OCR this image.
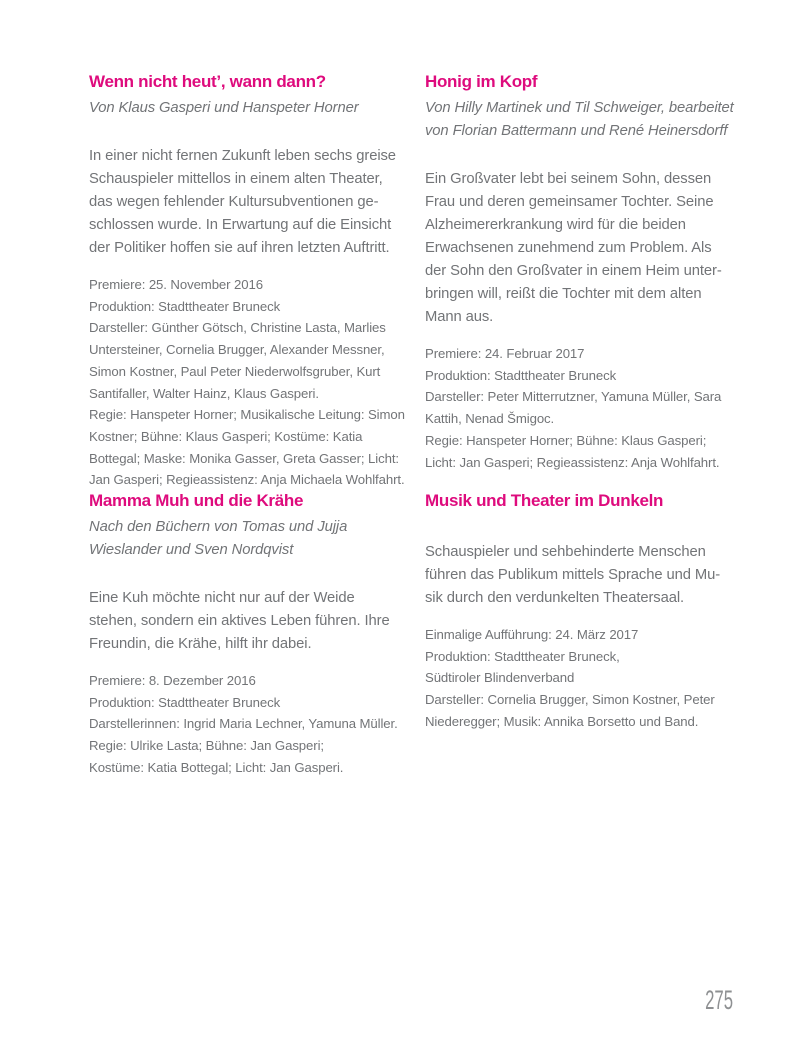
Wenn nicht heut’, wann dann?
Von Klaus Gasperi und Hanspeter Horner
In einer nicht fernen Zukunft leben sechs greise
Schauspieler mittellos in einem alten Theater,
das wegen fehlender Kultursubventionen ge-
schlossen wurde. In Erwartung auf die Einsicht
der Politiker hoffen sie auf ihren letzten Auftritt.
Premiere: 25. November 2016
Produktion: Stadttheater Bruneck
Darsteller: Günther Götsch, Christine Lasta, Marlies
Untersteiner, Cornelia Brugger, Alexander Messner,
Simon Kostner, Paul Peter Niederwolfsgruber, Kurt
Santifaller, Walter Hainz, Klaus Gasperi.
Regie: Hanspeter Horner; Musikalische Leitung: Simon
Kostner; Bühne: Klaus Gasperi; Kostüme: Katia
Bottegal; Maske: Monika Gasser, Greta Gasser; Licht:
Jan Gasperi; Regieassistenz: Anja Michaela Wohlfahrt.
Honig im Kopf
Von Hilly Martinek und Til Schweiger, bearbeitet
von Florian Battermann und René Heinersdorff
Ein Großvater lebt bei seinem Sohn, dessen
Frau und deren gemeinsamer Tochter. Seine
Alzheimererkrankung wird für die beiden
Erwachsenen zunehmend zum Problem. Als
der Sohn den Großvater in einem Heim unter-
bringen will, reißt die Tochter mit dem alten
Mann aus.
Premiere: 24. Februar 2017
Produktion: Stadttheater Bruneck
Darsteller: Peter Mitterrutzner, Yamuna Müller, Sara
Kattih, Nenad Šmigoc.
Regie: Hanspeter Horner; Bühne: Klaus Gasperi;
Licht: Jan Gasperi; Regieassistenz: Anja Wohlfahrt.
Mamma Muh und die Krähe
Nach den Büchern von Tomas und Jujja
Wieslander und Sven Nordqvist
Eine Kuh möchte nicht nur auf der Weide
stehen, sondern ein aktives Leben führen. Ihre
Freundin, die Krähe, hilft ihr dabei.
Premiere: 8. Dezember 2016
Produktion: Stadttheater Bruneck
Darstellerinnen: Ingrid Maria Lechner, Yamuna Müller.
Regie: Ulrike Lasta; Bühne: Jan Gasperi;
Kostüme: Katia Bottegal; Licht: Jan Gasperi.
Musik und Theater im Dunkeln
Schauspieler und sehbehinderte Menschen
führen das Publikum mittels Sprache und Mu-
sik durch den verdunkelten Theatersaal.
Einmalige Aufführung: 24. März 2017
Produktion: Stadttheater Bruneck,
Südtiroler Blindenverband
Darsteller: Cornelia Brugger, Simon Kostner, Peter
Niederegger; Musik: Annika Borsetto und Band.
275
